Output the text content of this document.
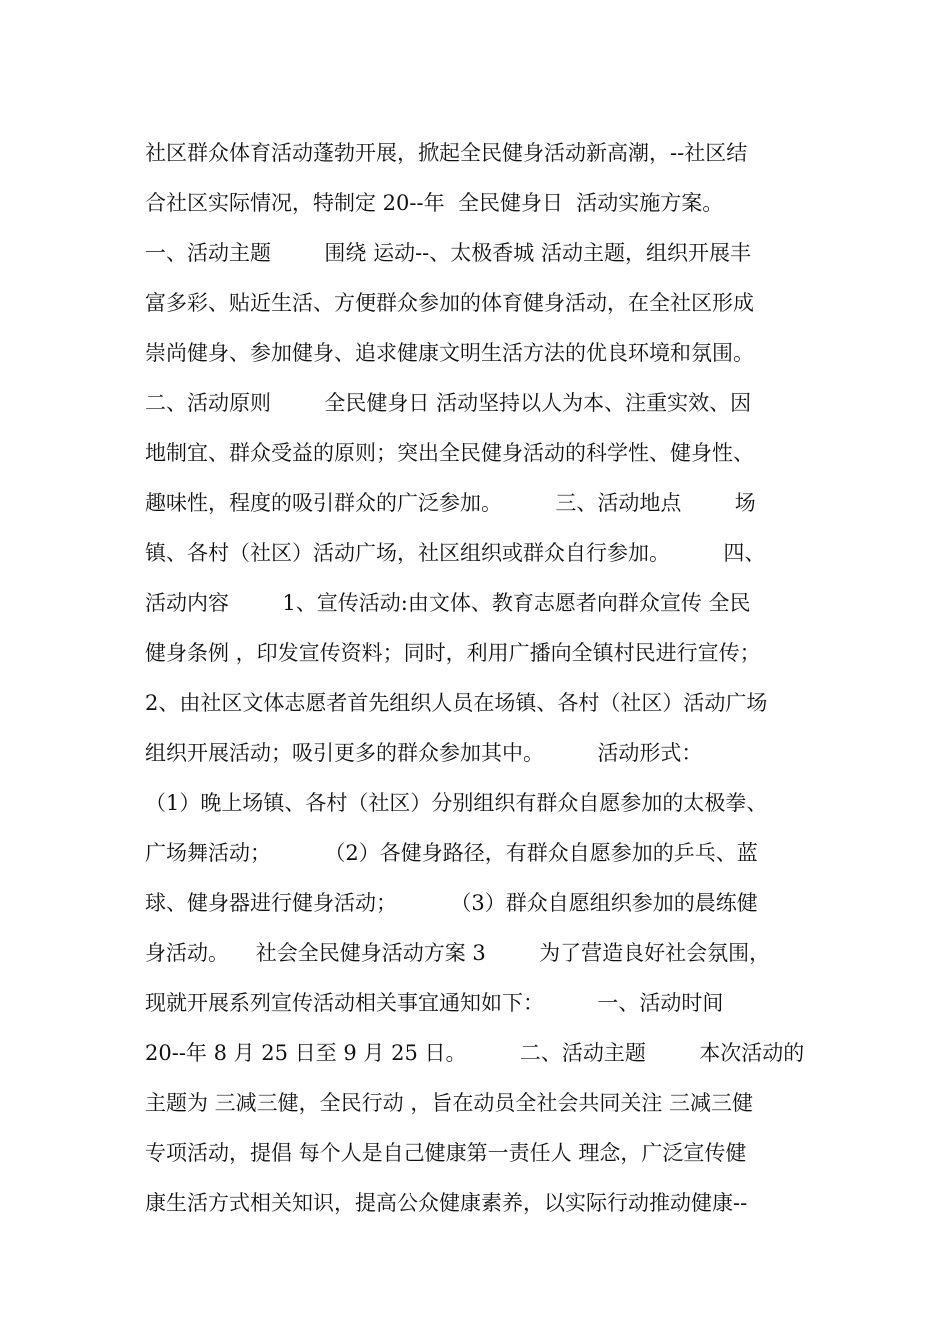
社区群众体育活动蓬勃开展，掀起全民健身活动新高潮，--社区结
合社区实际情况，特制定 20--年  全民健身日  活动实施方案。
一、活动主题        围绕 运动--、太极香城 活动主题，组织开展丰
富多彩、贴近生活、方便群众参加的体育健身活动，在全社区形成
崇尚健身、参加健身、追求健康文明生活方法的优良环境和氛围。
二、活动原则        全民健身日 活动坚持以人为本、注重实效、因
地制宜、群众受益的原则；突出全民健身活动的科学性、健身性、
趣味性，程度的吸引群众的广泛参加。        三、活动地点        场
镇、各村（社区）活动广场，社区组织或群众自行参加。        四、
活动内容        1、宣传活动:由文体、教育志愿者向群众宣传 全民
健身条例 ，印发宣传资料；同时，利用广播向全镇村民进行宣传；
2、由社区文体志愿者首先组织人员在场镇、各村（社区）活动广场
组织开展活动；吸引更多的群众参加其中。        活动形式：
（1）晚上场镇、各村（社区）分别组织有群众自愿参加的太极拳、
广场舞活动；        （2）各健身路径，有群众自愿参加的乒乓、蓝
球、健身器进行健身活动；        （3）群众自愿组织参加的晨练健
身活动。    社会全民健身活动方案 3        为了营造良好社会氛围，
现就开展系列宣传活动相关事宜通知如下：        一、活动时间
20--年 8 月 25 日至 9 月 25 日。        二、活动主题        本次活动的
主题为 三减三健，全民行动 ，旨在动员全社会共同关注 三减三健
专项活动，提倡 每个人是自己健康第一责任人 理念，广泛宣传健
康生活方式相关知识，提高公众健康素养，以实际行动推动健康--
